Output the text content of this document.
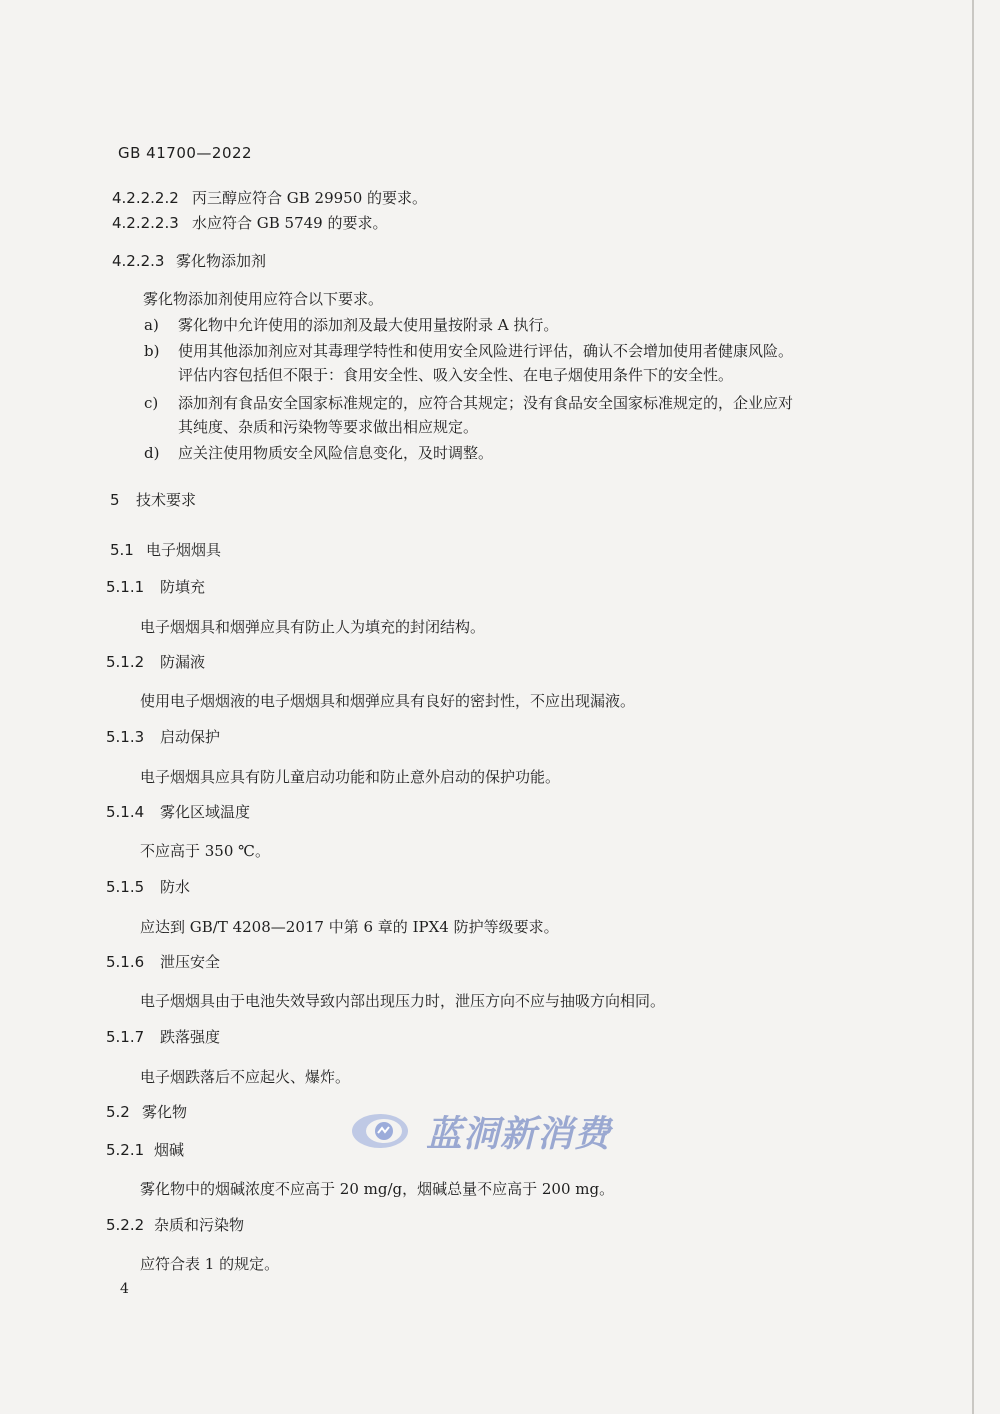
GB 41700—2022
4.2.2.2.2 丙三醇应符合 GB 29950 的要求。
4.2.2.2.3 水应符合 GB 5749 的要求。
4.2.2.3 雾化物添加剂
雾化物添加剂使用应符合以下要求。
a) 雾化物中允许使用的添加剂及最大使用量按附录 A 执行。
b) 使用其他添加剂应对其毒理学特性和使用安全风险进行评估，确认不会增加使用者健康风险。
评估内容包括但不限于：食用安全性、吸入安全性、在电子烟使用条件下的安全性。
c) 添加剂有食品安全国家标准规定的，应符合其规定；没有食品安全国家标准规定的，企业应对
其纯度、杂质和污染物等要求做出相应规定。
d) 应关注使用物质安全风险信息变化，及时调整。
5 技术要求
5.1 电子烟烟具
5.1.1 防填充
电子烟烟具和烟弹应具有防止人为填充的封闭结构。
5.1.2 防漏液
使用电子烟烟液的电子烟烟具和烟弹应具有良好的密封性，不应出现漏液。
5.1.3 启动保护
电子烟烟具应具有防儿童启动功能和防止意外启动的保护功能。
5.1.4 雾化区域温度
不应高于 350 ℃。
5.1.5 防水
应达到 GB/T 4208—2017 中第 6 章的 IPX4 防护等级要求。
5.1.6 泄压安全
电子烟烟具由于电池失效导致内部出现压力时，泄压方向不应与抽吸方向相同。
5.1.7 跌落强度
电子烟跌落后不应起火、爆炸。
5.2 雾化物
5.2.1 烟碱
雾化物中的烟碱浓度不应高于 20 mg/g，烟碱总量不应高于 200 mg。
5.2.2 杂质和污染物
应符合表 1 的规定。
4
蓝洞新消费
